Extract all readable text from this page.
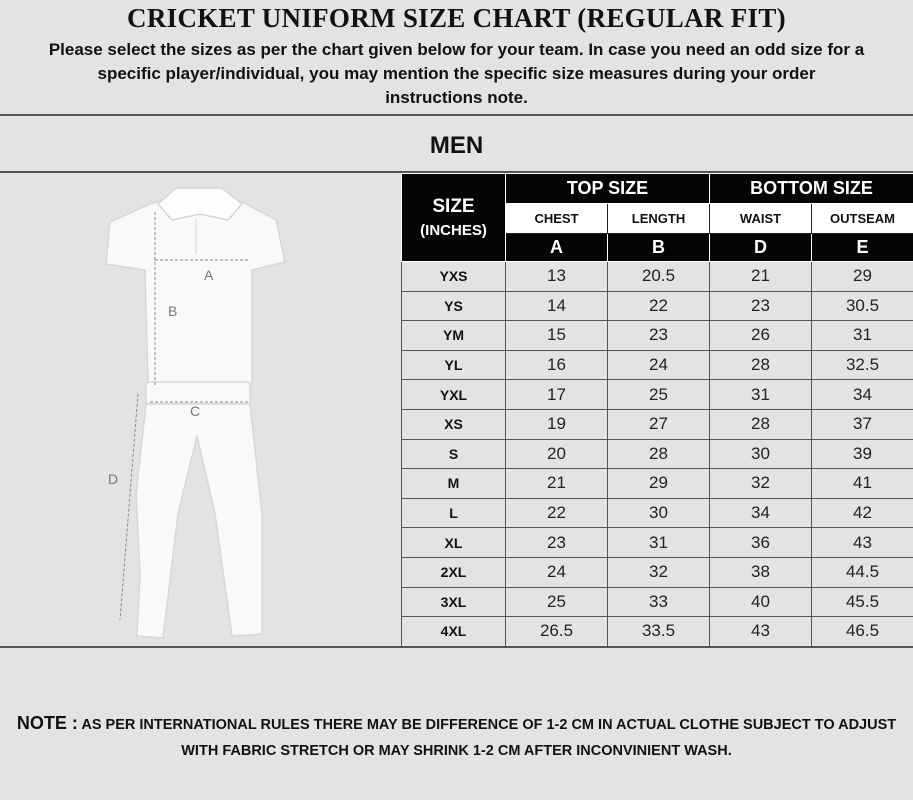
CRICKET UNIFORM SIZE CHART (REGULAR FIT)
Please select the sizes as per the chart given below for your team. In case you need an odd size for a
specific player/individual, you may mention the specific size measures during your order
instructions note.
MEN
A
B
C
D
SIZE
(INCHES)	TOP SIZE		BOTTOM SIZE	
	CHEST	LENGTH	WAIST	OUTSEAM
	A	B	D	E
YXS	13	20.5	21	29
YS	14	22	23	30.5
YM	15	23	26	31
YL	16	24	28	32.5
YXL	17	25	31	34
XS	19	27	28	37
S	20	28	30	39
M	21	29	32	41
L	22	30	34	42
XL	23	31	36	43
2XL	24	32	38	44.5
3XL	25	33	40	45.5
4XL	26.5	33.5	43	46.5
NOTE : AS PER INTERNATIONAL RULES THERE MAY BE DIFFERENCE OF 1-2 CM IN ACTUAL CLOTHE SUBJECT TO ADJUST
WITH FABRIC STRETCH OR MAY SHRINK 1-2 CM AFTER INCONVINIENT WASH.
